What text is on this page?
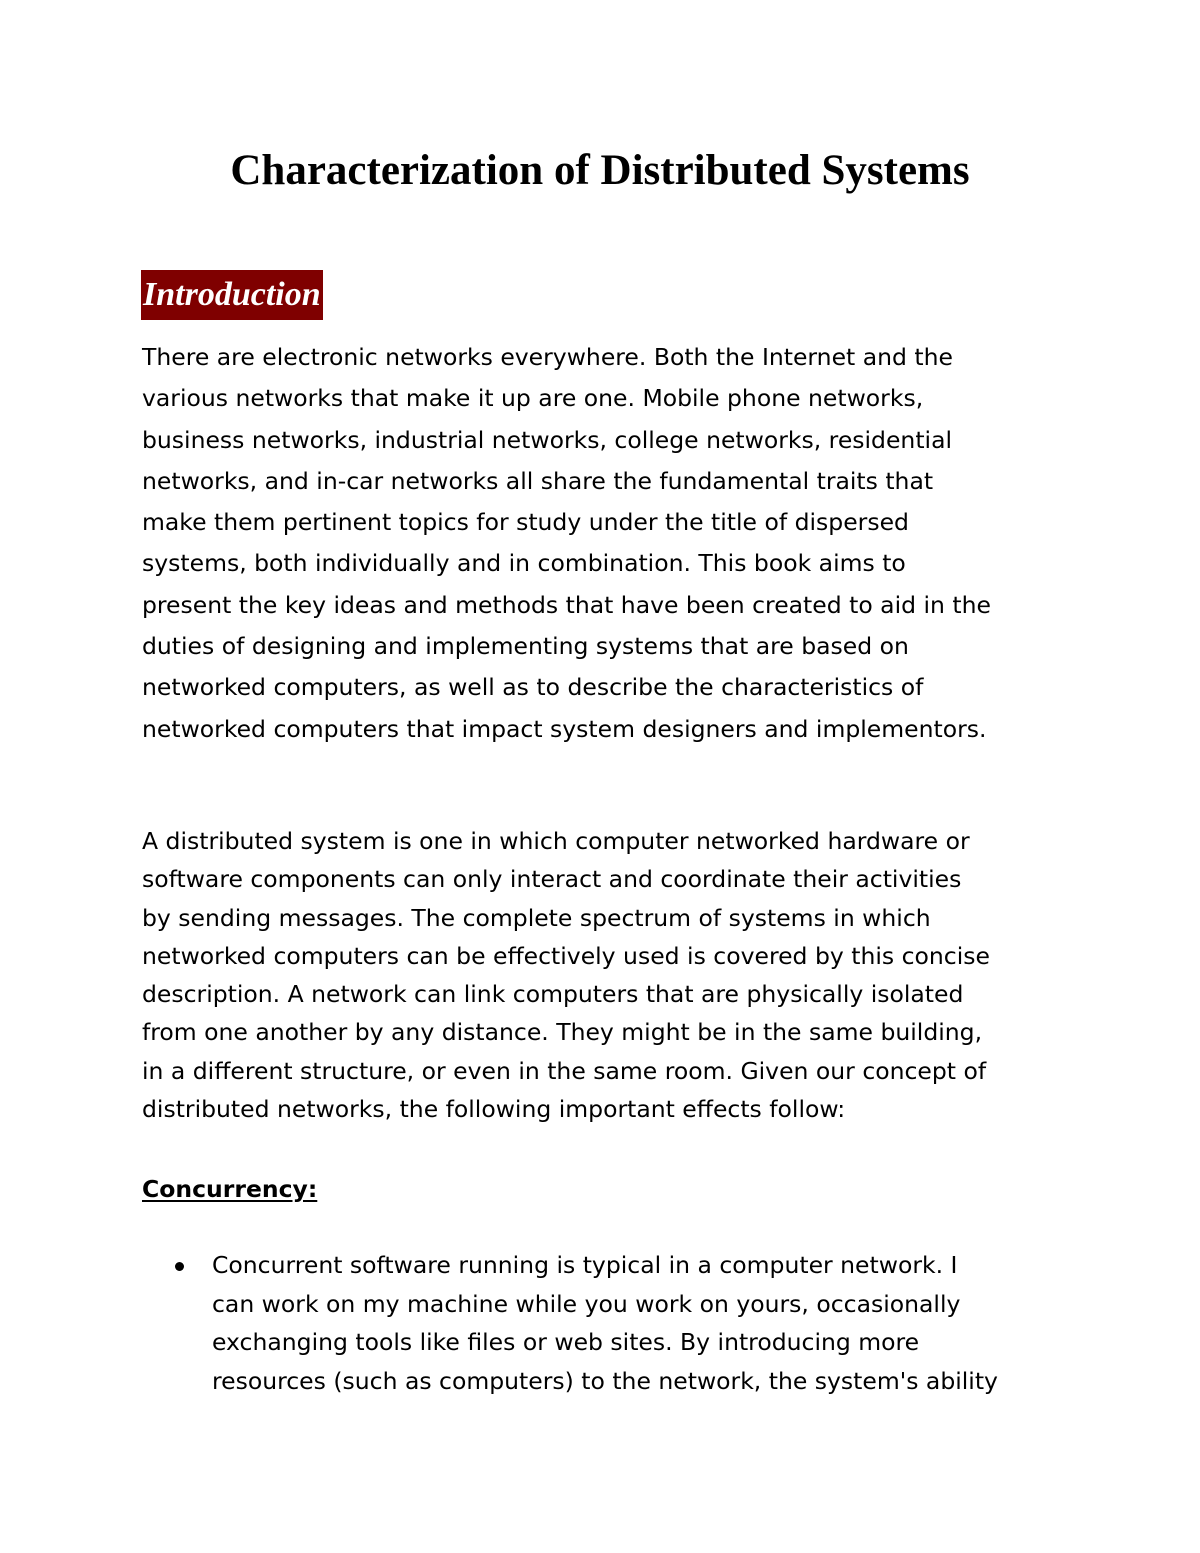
Characterization of Distributed Systems
Introduction

There are electronic networks everywhere. Both the Internet and the
various networks that make it up are one. Mobile phone networks,
business networks, industrial networks, college networks, residential
networks, and in-car networks all share the fundamental traits that
make them pertinent topics for study under the title of dispersed
systems, both individually and in combination. This book aims to
present the key ideas and methods that have been created to aid in the
duties of designing and implementing systems that are based on
networked computers, as well as to describe the characteristics of
networked computers that impact system designers and implementors.

A distributed system is one in which computer networked hardware or
software components can only interact and coordinate their activities
by sending messages. The complete spectrum of systems in which
networked computers can be effectively used is covered by this concise
description. A network can link computers that are physically isolated
from one another by any distance. They might be in the same building,
in a different structure, or even in the same room. Given our concept of
distributed networks, the following important effects follow:

Concurrency:
Concurrent software running is typical in a computer network. I
can work on my machine while you work on yours, occasionally
exchanging tools like files or web sites. By introducing more
resources (such as computers) to the network, the system's ability
